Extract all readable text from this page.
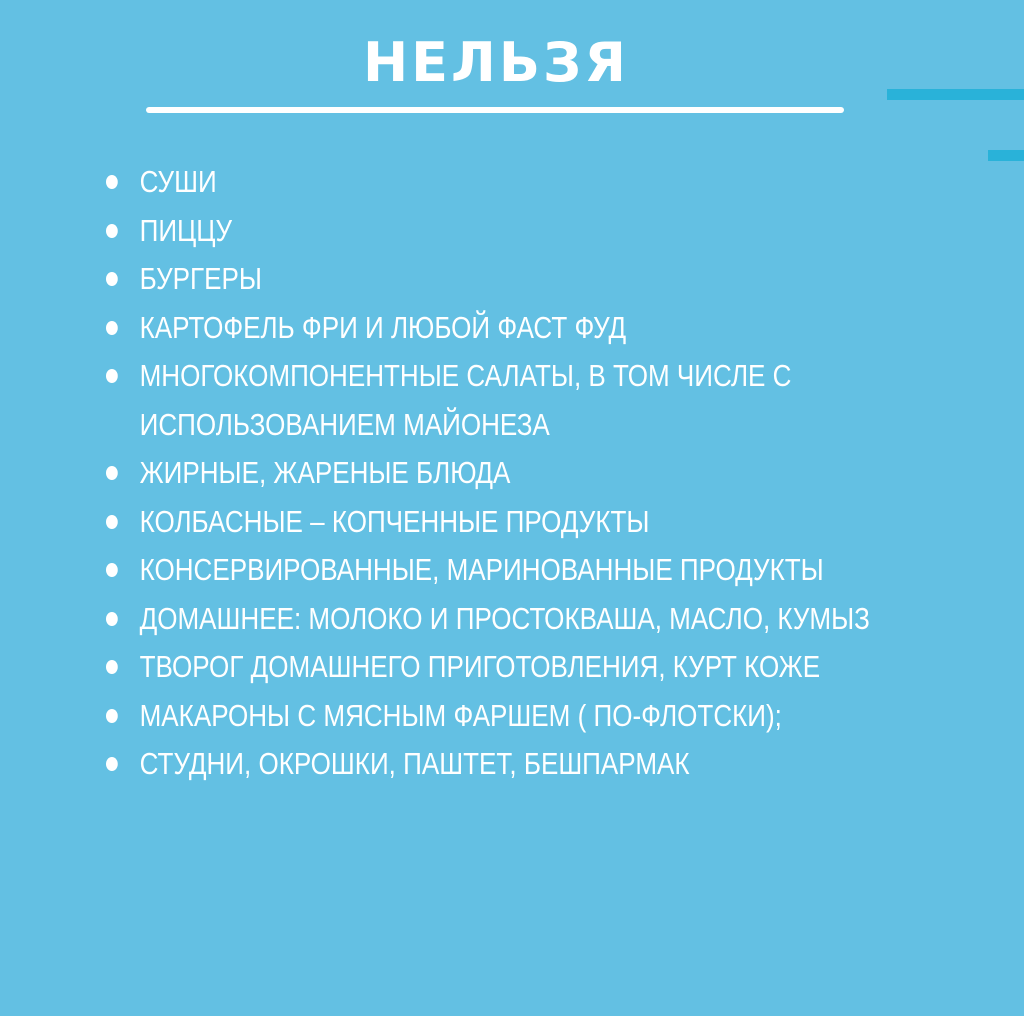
НЕЛЬЗЯ
СУШИ
ПИЦЦУ
БУРГЕРЫ
КАРТОФЕЛЬ ФРИ И ЛЮБОЙ ФАСТ ФУД
МНОГОКОМПОНЕНТНЫЕ САЛАТЫ, В ТОМ ЧИСЛЕ С ИСПОЛЬЗОВАНИЕМ МАЙОНЕЗА
ЖИРНЫЕ, ЖАРЕНЫЕ БЛЮДА
КОЛБАСНЫЕ – КОПЧЕННЫЕ ПРОДУКТЫ
КОНСЕРВИРОВАННЫЕ, МАРИНОВАННЫЕ ПРОДУКТЫ
ДОМАШНЕЕ: МОЛОКО И ПРОСТОКВАША, МАСЛО, КУМЫЗ
ТВОРОГ ДОМАШНЕГО ПРИГОТОВЛЕНИЯ, КУРТ КОЖЕ
МАКАРОНЫ С МЯСНЫМ ФАРШЕМ ( ПО-ФЛОТСКИ);
СТУДНИ, ОКРОШКИ, ПАШТЕТ, БЕШПАРМАК
